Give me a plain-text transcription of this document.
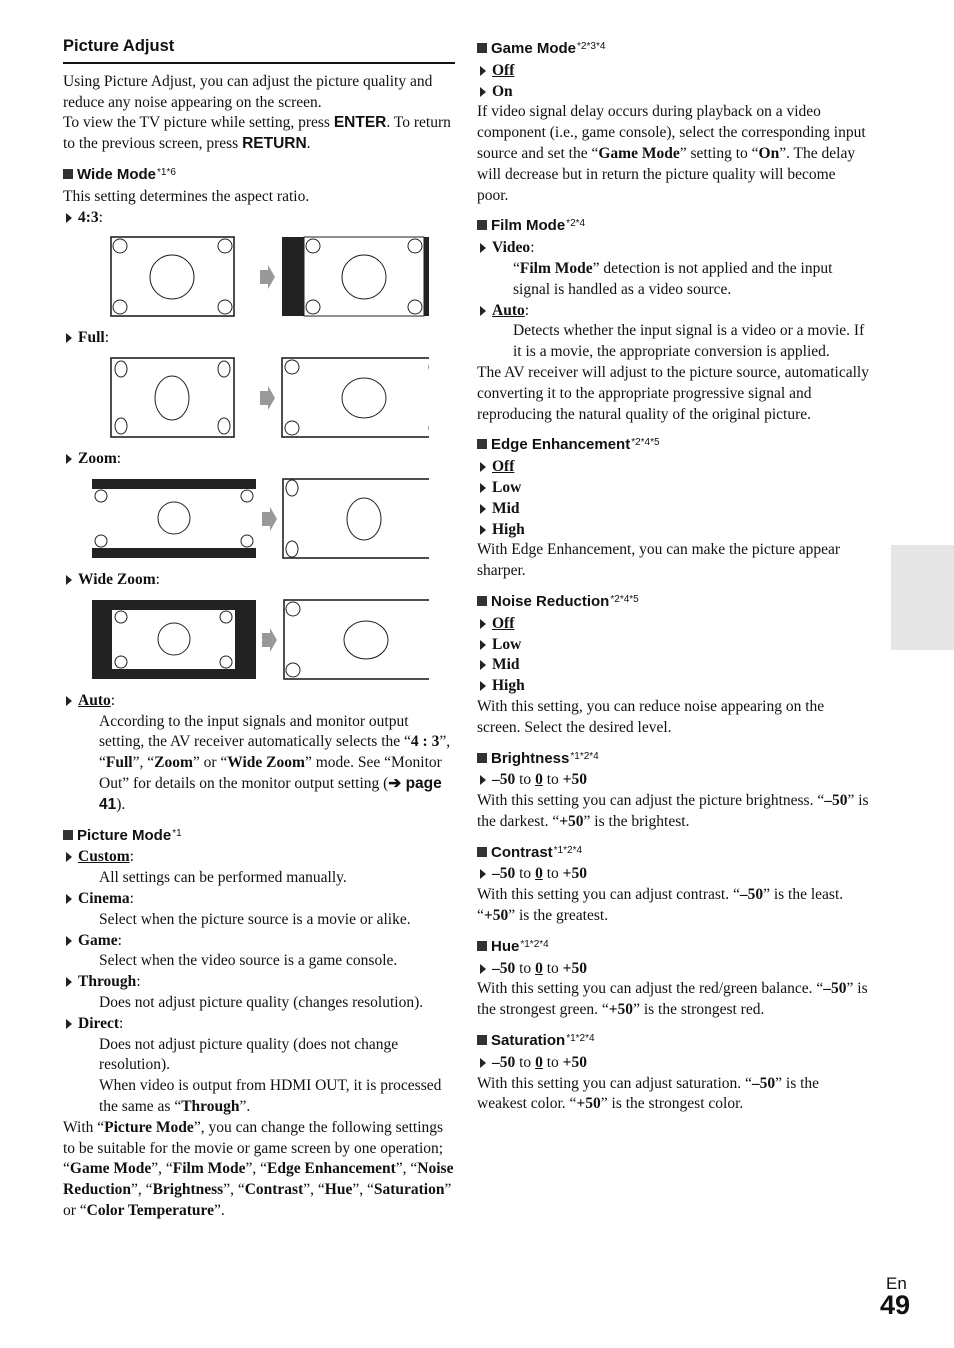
En
49
Picture Adjust

Using Picture Adjust, you can adjust the picture quality and reduce any noise appearing on the screen.
To view the TV picture while setting, press ENTER. To return to the previous screen, press RETURN.

Wide Mode$^{*1*6}$

This setting determines the aspect ratio.

4:3:
Full:
Zoom:
Wide Zoom:
Auto:
According to the input signals and monitor output setting, the AV receiver automatically selects the “4 : 3”, “Full”, “Zoom” or “Wide Zoom” mode. See “Monitor Out” for details on the monitor output setting (➔ page 41).
Picture Mode$^{*1}$
Custom:
All settings can be performed manually.
Cinema:
Select when the picture source is a movie or alike.
Game:
Select when the video source is a game console.
Through:
Does not adjust picture quality (changes resolution).
Direct:
Does not adjust picture quality (does not change resolution).
When video is output from HDMI OUT, it is processed the same as “Through”.

With “Picture Mode”, you can change the following settings to be suitable for the movie or game screen by one operation; “Game Mode”, “Film Mode”, “Edge Enhancement”, “Noise Reduction”, “Brightness”, “Contrast”, “Hue”, “Saturation” or “Color Temperature”.

Game Mode$^{*2*3*4}$
Off
On

If video signal delay occurs during playback on a video component (i.e., game console), select the corresponding input source and set the “Game Mode” setting to “On”. The delay will decrease but in return the picture quality will become poor.

Film Mode$^{*2*4}$
Video:
“Film Mode” detection is not applied and the input signal is handled as a video source.
Auto:
Detects whether the input signal is a video or a movie. If it is a movie, the appropriate conversion is applied.

The AV receiver will adjust to the picture source, automatically converting it to the appropriate progressive signal and reproducing the natural quality of the original picture.

Edge Enhancement$^{*2*4*5}$
Off
Low
Mid
High

With Edge Enhancement, you can make the picture appear sharper.

Noise Reduction$^{*2*4*5}$
Off
Low
Mid
High

With this setting, you can reduce noise appearing on the screen. Select the desired level.

Brightness$^{*1*2*4}$
–50 to 0 to +50

With this setting you can adjust the picture brightness. “–50” is the darkest. “+50” is the brightest.

Contrast$^{*1*2*4}$
–50 to 0 to +50

With this setting you can adjust contrast. “–50” is the least. “+50” is the greatest.

Hue$^{*1*2*4}$
–50 to 0 to +50

With this setting you can adjust the red/green balance. “–50” is the strongest green. “+50” is the strongest red.

Saturation$^{*1*2*4}$
–50 to 0 to +50

With this setting you can adjust saturation. “–50” is the weakest color. “+50” is the strongest color.
